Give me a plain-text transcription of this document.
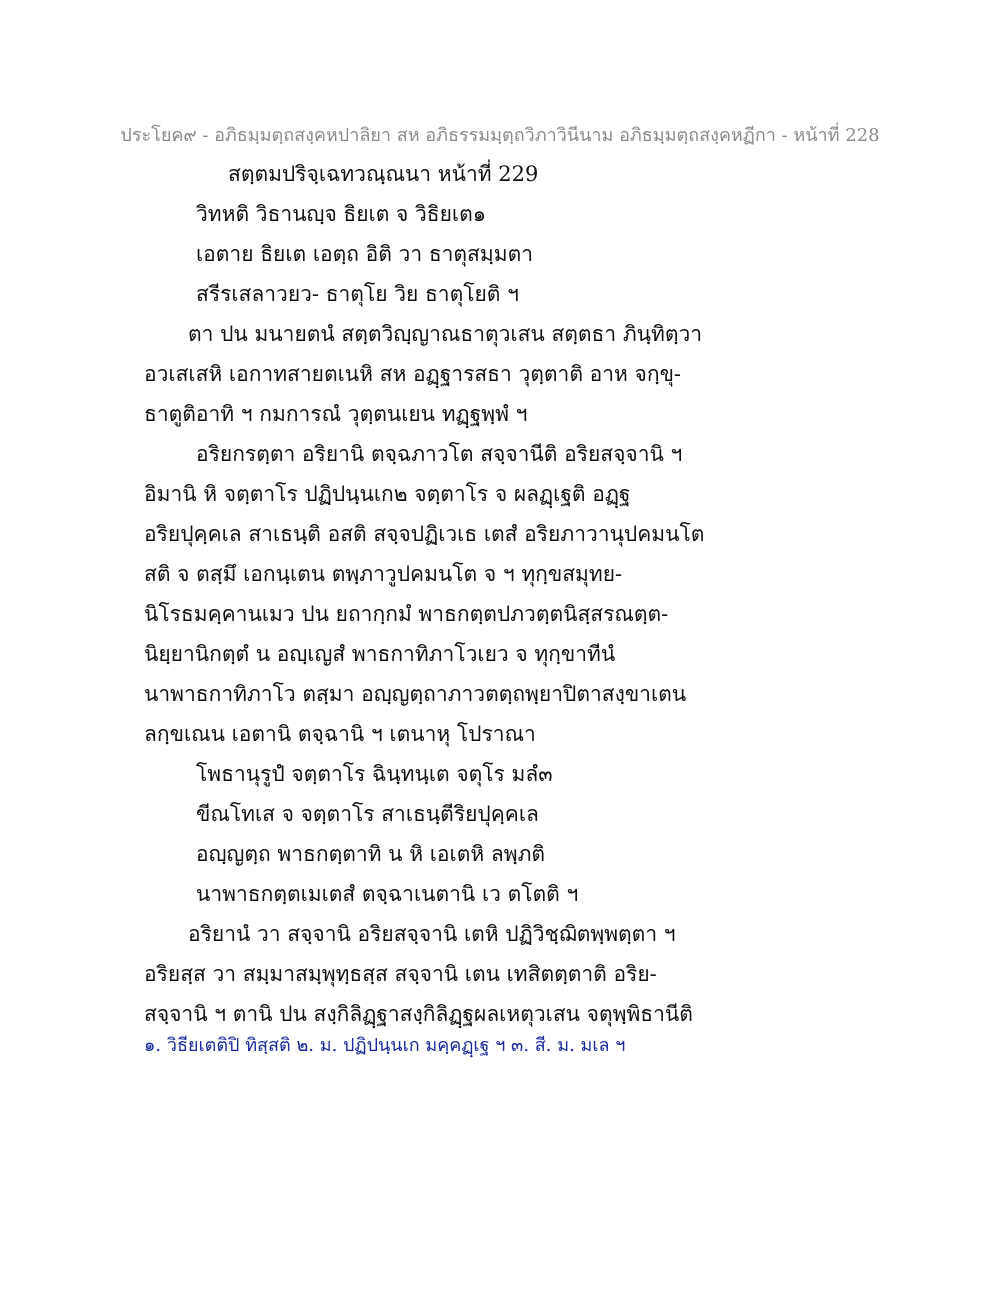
ประโยค๙ - อภิธมฺมตฺถสงฺคหปาลิยา สห อภิธรรมมฺตฺถวิภาวินีนาม อภิธมฺมตฺถสงฺคหฏีกา - หน้าที่ 228
สตฺตมปริจฺเฉทวณฺณนา หน้าที่ 229
วิทหติ วิธานญฺจ ธิยเต จ วิธิยเต๑
เอตาย ธิยเต เอตฺถ อิติ วา ธาตุสมฺมตา
สรีรเสลาวยว- ธาตุโย วิย ธาตุโยติ ฯ
ตา ปน มนายตนํ สตฺตวิญฺญาณธาตุวเสน สตฺตธา ภินฺทิตฺวา
อวเสเสหิ เอกาทสายตเนหิ สห อฏฺฐารสธา วุตฺตาติ อาห จกฺขุ-
ธาตูติอาทิ ฯ กมการณํ วุตฺตนเยน ทฏฺฐพฺพํ ฯ
อริยกรตฺตา อริยานิ ตจฺฉภาวโต สจฺจานีติ อริยสจฺจานิ ฯ
อิมานิ หิ จตฺตาโร ปฏิปนฺนเก๒ จตฺตาโร จ ผลฏฺเฐติ อฏฺฐ
อริยปุคฺคเล สาเธนฺติ อสติ สจฺจปฏิเวเธ เตสํ อริยภาวานุปคมนโต
สติ จ ตสฺมึ เอกนฺเตน ตพฺภาวูปคมนโต จ ฯ ทุกฺขสมุทย-
นิโรธมคฺคานเมว ปน ยถากฺกมํ พาธกตฺตปภวตฺตนิสฺสรณตฺต-
นิยฺยานิกตฺตํ น อญฺเญสํ พาธกาทิภาโวเยว จ ทุกฺขาทีนํ
นาพาธกาทิภาโว ตสฺมา อญฺญตฺถาภาวตตฺถพฺยาปิตาสงฺขาเตน
ลกฺขเณน เอตานิ ตจฺฉานิ ฯ เตนาหุ โปราณา
โพธานุรูปํ จตฺตาโร ฉินฺทนฺเต จตุโร มลํ๓
ขีณโทเส จ จตฺตาโร สาเธนฺตีริยปุคฺคเล
อญฺญตฺถ พาธกตฺตาทิ น หิ เอเตหิ ลพฺภติ
นาพาธกตฺตเมเตสํ ตจฺฉาเนตานิ เว ตโตติ ฯ
อริยานํ วา สจฺจานิ อริยสจฺจานิ เตหิ ปฏิวิชฺฌิตพฺพตฺตา ฯ
อริยสฺส วา สมฺมาสมฺพุทฺธสฺส สจฺจานิ เตน เทสิตตฺตาติ อริย-
สจฺจานิ ฯ ตานิ ปน สงฺกิลิฏฺฐาสงฺกิลิฏฺฐผลเหตุวเสน จตุพฺพิธานีติ
๑. วิธียเตติปิ ทิสฺสติ ๒. ม. ปฏิปนฺนเก มคฺคฏฺเฐ ฯ ๓. สี. ม. มเล ฯ
